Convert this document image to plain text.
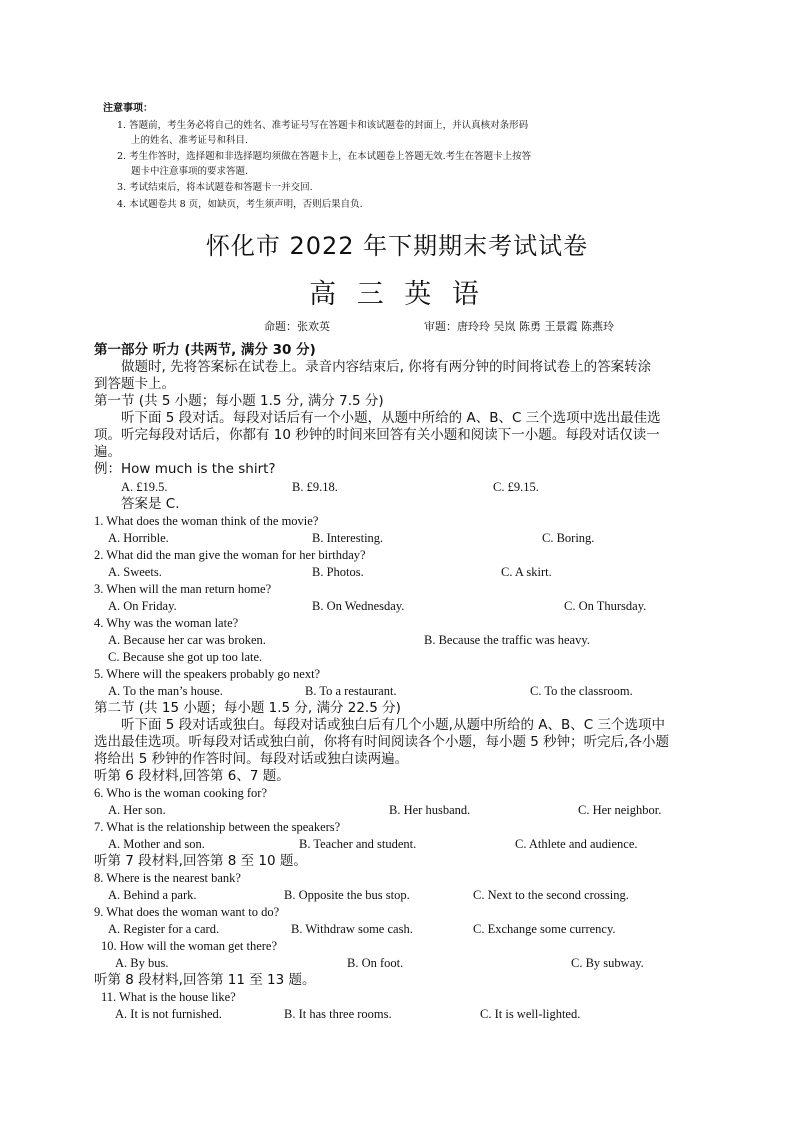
注意事项：
1. 答题前，考生务必将自己的姓名、准考证号写在答题卡和该试题卷的封面上，并认真核对条形码
上的姓名、准考证号和科目.
2. 考生作答时，选择题和非选择题均须做在答题卡上，在本试题卷上答题无效.考生在答题卡上按答
题卡中注意事项的要求答题.
3. 考试结束后，将本试题卷和答题卡一并交回.
4. 本试题卷共 8 页，如缺页，考生须声明，否则后果自负.
怀化市 2022 年下期期末考试试卷
高 三 英 语
命题：张欢英	审题：唐玲玲 吴岚 陈勇 王景霞 陈燕玲
第一部分 听力 (共两节, 满分 30 分)
做题时, 先将答案标在试卷上。录音内容结束后, 你将有两分钟的时间将试卷上的答案转涂
到答题卡上。
第一节 (共 5 小题；每小题 1.5 分, 满分 7.5 分)
听下面 5 段对话。每段对话后有一个小题，从题中所给的 A、B、C 三个选项中选出最佳选
项。听完每段对话后，你都有 10 秒钟的时间来回答有关小题和阅读下一小题。每段对话仅读一
遍。
例：How much is the shirt?
A. £19.5.	B. £9.18.	C. £9.15.
答案是 C.
1. What does the woman think of the movie?
A. Horrible.	B. Interesting.	C. Boring.
2. What did the man give the woman for her birthday?
A. Sweets.	B. Photos.	C. A skirt.
3. When will the man return home?
A. On Friday.	B. On Wednesday.	C. On Thursday.
4. Why was the woman late?
A. Because her car was broken.	B. Because the traffic was heavy.
C. Because she got up too late.
5. Where will the speakers probably go next?
A. To the man’s house.	B. To a restaurant.	C. To the classroom.
第二节 (共 15 小题；每小题 1.5 分, 满分 22.5 分)
听下面 5 段对话或独白。每段对话或独白后有几个小题,从题中所给的 A、B、C 三个选项中
选出最佳选项。听每段对话或独白前，你将有时间阅读各个小题，每小题 5 秒钟；听完后,各小题
将给出 5 秒钟的作答时间。每段对话或独白读两遍。
听第 6 段材料,回答第 6、7 题。
6. Who is the woman cooking for?
A. Her son.	B. Her husband.	C. Her neighbor.
7. What is the relationship between the speakers?
A. Mother and son.	B. Teacher and student.	C. Athlete and audience.
听第 7 段材料,回答第 8 至 10 题。
8. Where is the nearest bank?
A. Behind a park.	B. Opposite the bus stop.	C. Next to the second crossing.
9. What does the woman want to do?
A. Register for a card.	B. Withdraw some cash.	C. Exchange some currency.
10. How will the woman get there?
A. By bus.	B. On foot.	C. By subway.
听第 8 段材料,回答第 11 至 13 题。
11. What is the house like?
A. It is not furnished.	B. It has three rooms.	C. It is well-lighted.
